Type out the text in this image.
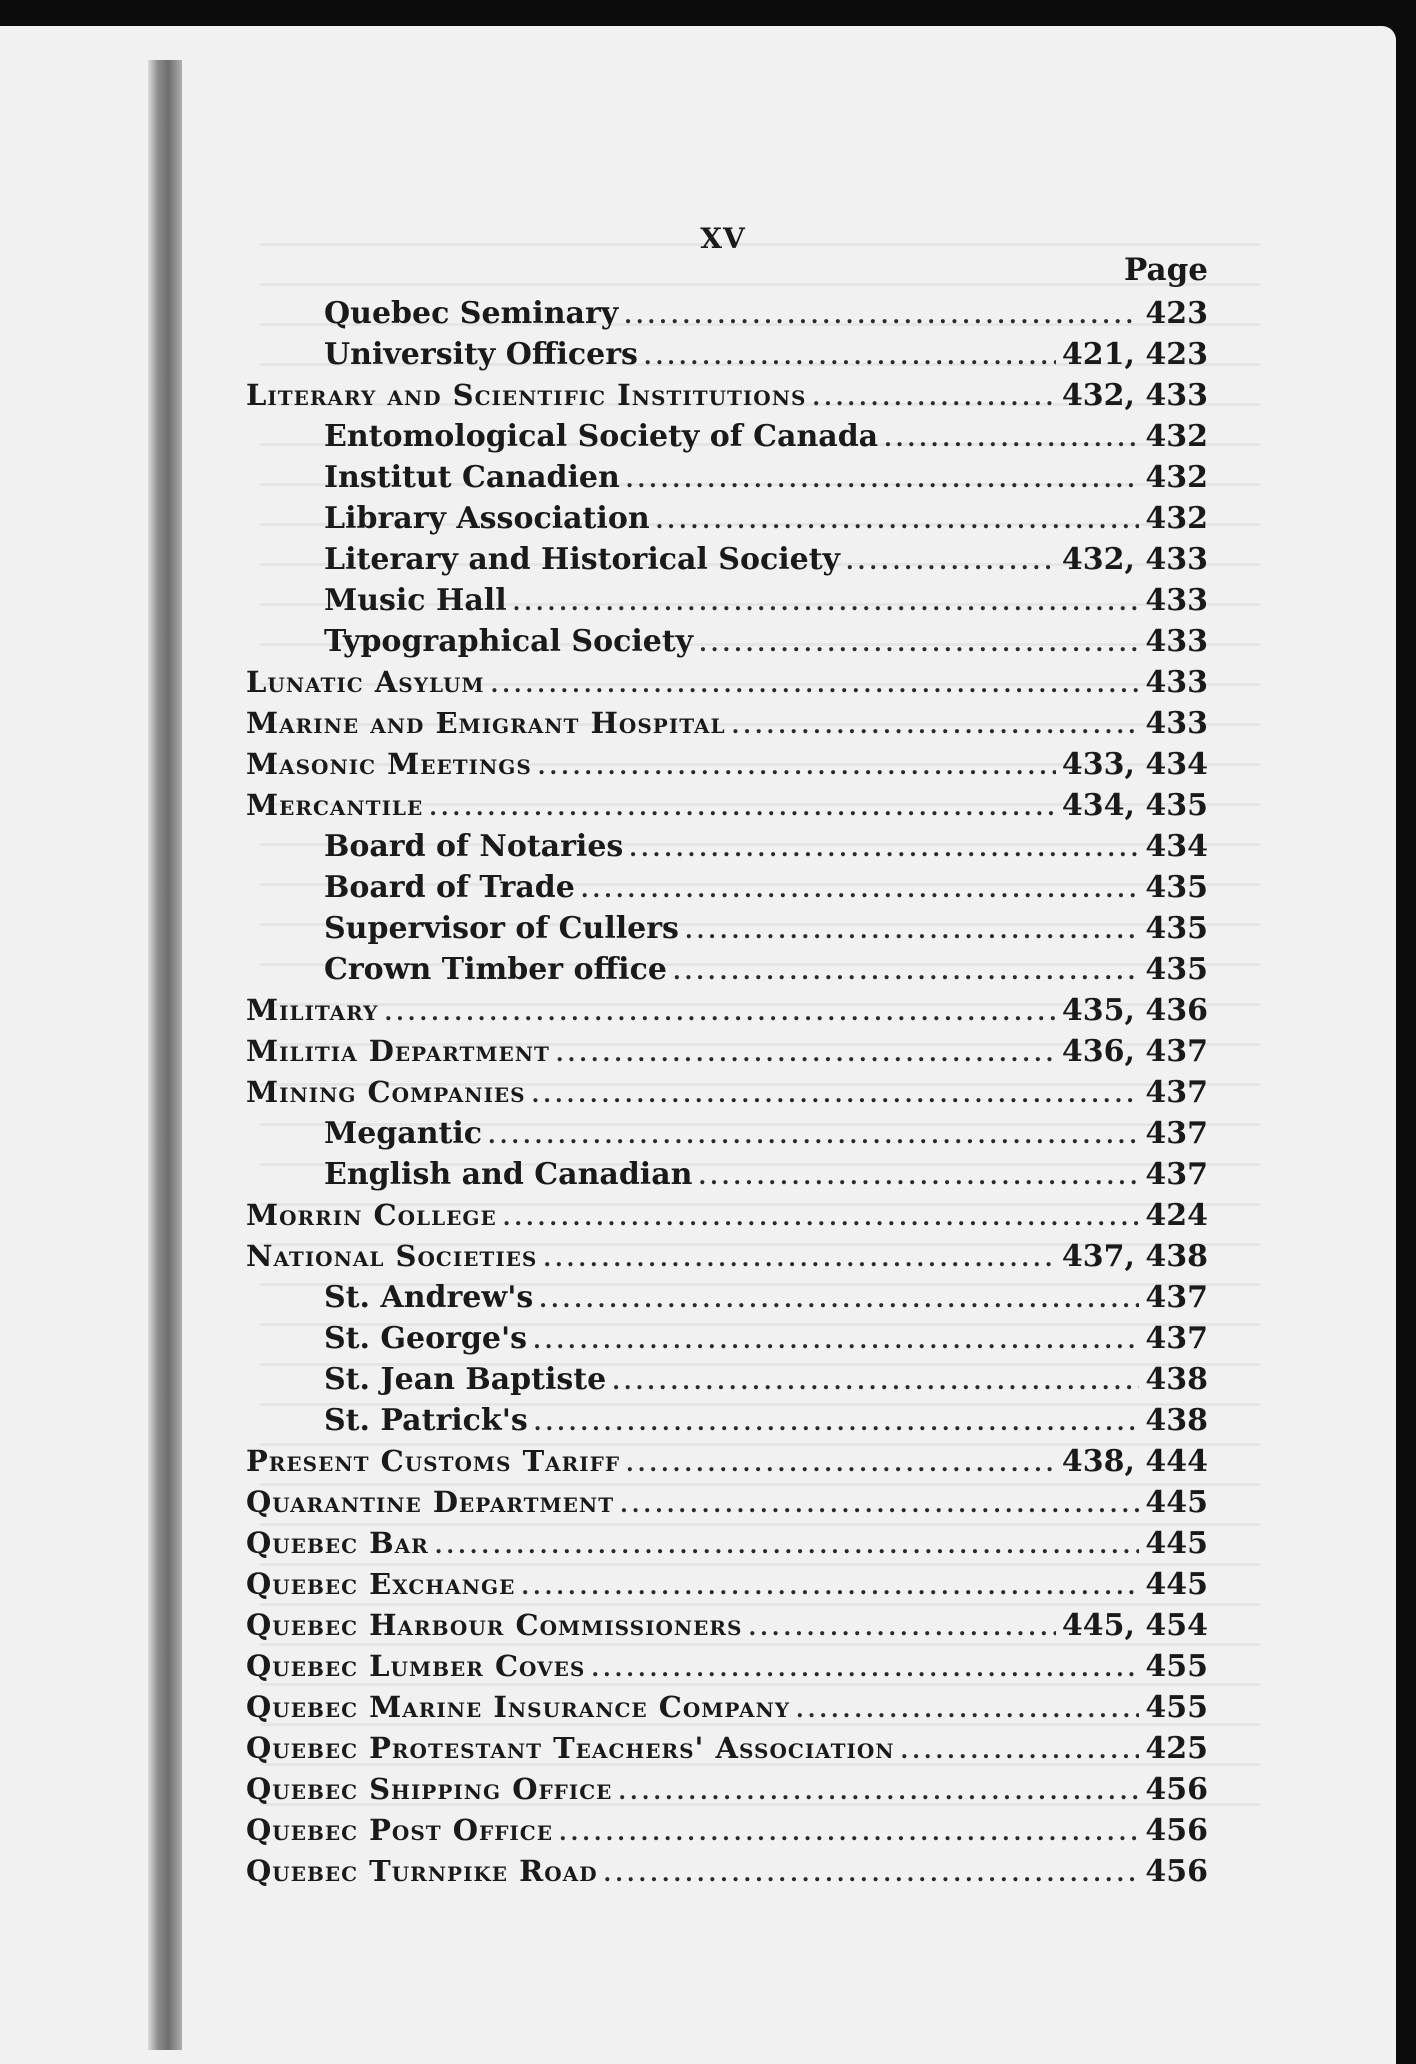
XV
Page
Quebec Seminary .....	423
University Officers .....	421, 423
Literary and Scientific Institutions .....	432, 433
Entomological Society of Canada .....	432
Institut Canadien .....	432
Library Association .....	432
Literary and Historical Society .....	432, 433
Music Hall .....	433
Typographical Society .....	433
Lunatic Asylum .....	433
Marine and Emigrant Hospital .....	433
Masonic Meetings .....	433, 434
Mercantile .....	434, 435
Board of Notaries .....	434
Board of Trade .....	435
Supervisor of Cullers .....	435
Crown Timber office .....	435
Military .....	435, 436
Militia Department .....	436, 437
Mining Companies .....	437
Megantic .....	437
English and Canadian .....	437
Morrin College .....	424
National Societies .....	437, 438
St. Andrew's .....	437
St. George's .....	437
St. Jean Baptiste .....	438
St. Patrick's .....	438
Present Customs Tariff .....	438, 444
Quarantine Department .....	445
Quebec Bar .....	445
Quebec Exchange .....	445
Quebec Harbour Commissioners .....	445, 454
Quebec Lumber Coves .....	455
Quebec Marine Insurance Company .....	455
Quebec Protestant Teachers' Association .....	425
Quebec Shipping Office .....	456
Quebec Post Office .....	456
Quebec Turnpike Road .....	456
